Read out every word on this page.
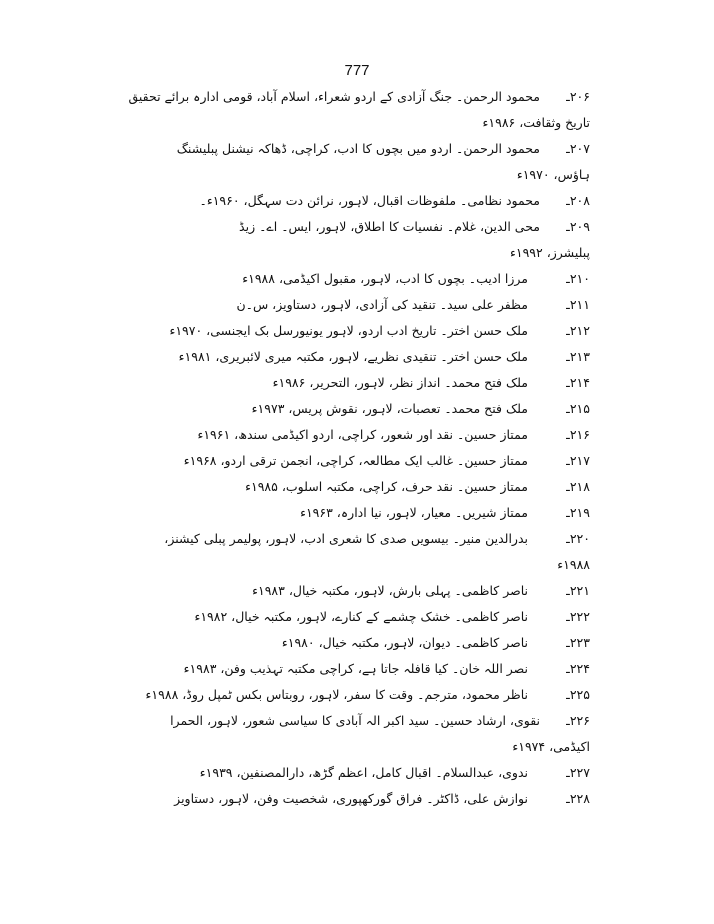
777
۲۰۶ـ
محمود الرحمن۔ جنگ آزادی کے اردو شعراء، اسلام آباد، قومی ادارہ برائے تحقیق
تاریخ وثقافت، ۱۹۸۶ء
۲۰۷ـ
محمود الرحمن۔ اردو میں بچوں کا ادب، کراچی، ڈھاکہ نیشنل پبلیشنگ
ہاؤس، ۱۹۷۰ء
۲۰۸ـ
محمود نظامی۔ ملفوظات اقبال، لاہور، نرائن دت سہگل، ۱۹۶۰ء۔
۲۰۹ـ
محی الدین، غلام۔ نفسیات کا اطلاق، لاہور، ایس۔ اے۔ زیڈ
پبلیشرز، ۱۹۹۲ء
۲۱۰ـ
مرزا ادیب۔ بچوں کا ادب، لاہور، مقبول اکیڈمی، ۱۹۸۸ء
۲۱۱ـ
مظفر علی سید۔ تنقید کی آزادی، لاہور، دستاویز، س۔ن
۲۱۲ـ
ملک حسن اختر۔ تاریخ ادب اردو، لاہور یونیورسل بک ایجنسی، ۱۹۷۰ء
۲۱۳ـ
ملک حسن اختر۔ تنقیدی نظریے، لاہور، مکتبہ میری لائبریری، ۱۹۸۱ء
۲۱۴ـ
ملک فتح محمد۔ انداز نظر، لاہور، التحریر، ۱۹۸۶ء
۲۱۵ـ
ملک فتح محمد۔ تعصبات، لاہور، نقوش پریس، ۱۹۷۳ء
۲۱۶ـ
ممتاز حسین۔ نقد اور شعور، کراچی، اردو اکیڈمی سندھ، ۱۹۶۱ء
۲۱۷ـ
ممتاز حسین۔ غالب ایک مطالعہ، کراچی، انجمن ترقی اردو، ۱۹۶۸ء
۲۱۸ـ
ممتاز حسین۔ نقد حرف، کراچی، مکتبہ اسلوب، ۱۹۸۵ء
۲۱۹ـ
ممتاز شیریں۔ معیار، لاہور، نیا ادارہ، ۱۹۶۳ء
۲۲۰ـ
بدرالدین منیر۔ بیسویں صدی کا شعری ادب، لاہور، پولیمر پبلی کیشنز،
۱۹۸۸ء
۲۲۱ـ
ناصر کاظمی۔ پہلی بارش، لاہور، مکتبہ خیال، ۱۹۸۳ء
۲۲۲ـ
ناصر کاظمی۔ خشک چشمے کے کنارے، لاہور، مکتبہ خیال، ۱۹۸۲ء
۲۲۳ـ
ناصر کاظمی۔ دیوان، لاہور، مکتبہ خیال، ۱۹۸۰ء
۲۲۴ـ
نصر اللہ خان۔ کیا قافلہ جاتا ہے، کراچی مکتبہ تہذیب وفن، ۱۹۸۳ء
۲۲۵ـ
ناظر محمود، مترجم۔ وقت کا سفر، لاہور، روبتاس بکس ٹمپل روڈ، ۱۹۸۸ء
۲۲۶ـ
نقوی، ارشاد حسین۔ سید اکبر الہ آبادی کا سیاسی شعور، لاہور، الحمرا
اکیڈمی، ۱۹۷۴ء
۲۲۷ـ
ندوی، عبدالسلام۔ اقبال کامل، اعظم گڑھ، دارالمصنفین، ۱۹۳۹ء
۲۲۸ـ
نوازش علی، ڈاکٹر۔ فراق گورکھپوری، شخصیت وفن، لاہور، دستاویز
